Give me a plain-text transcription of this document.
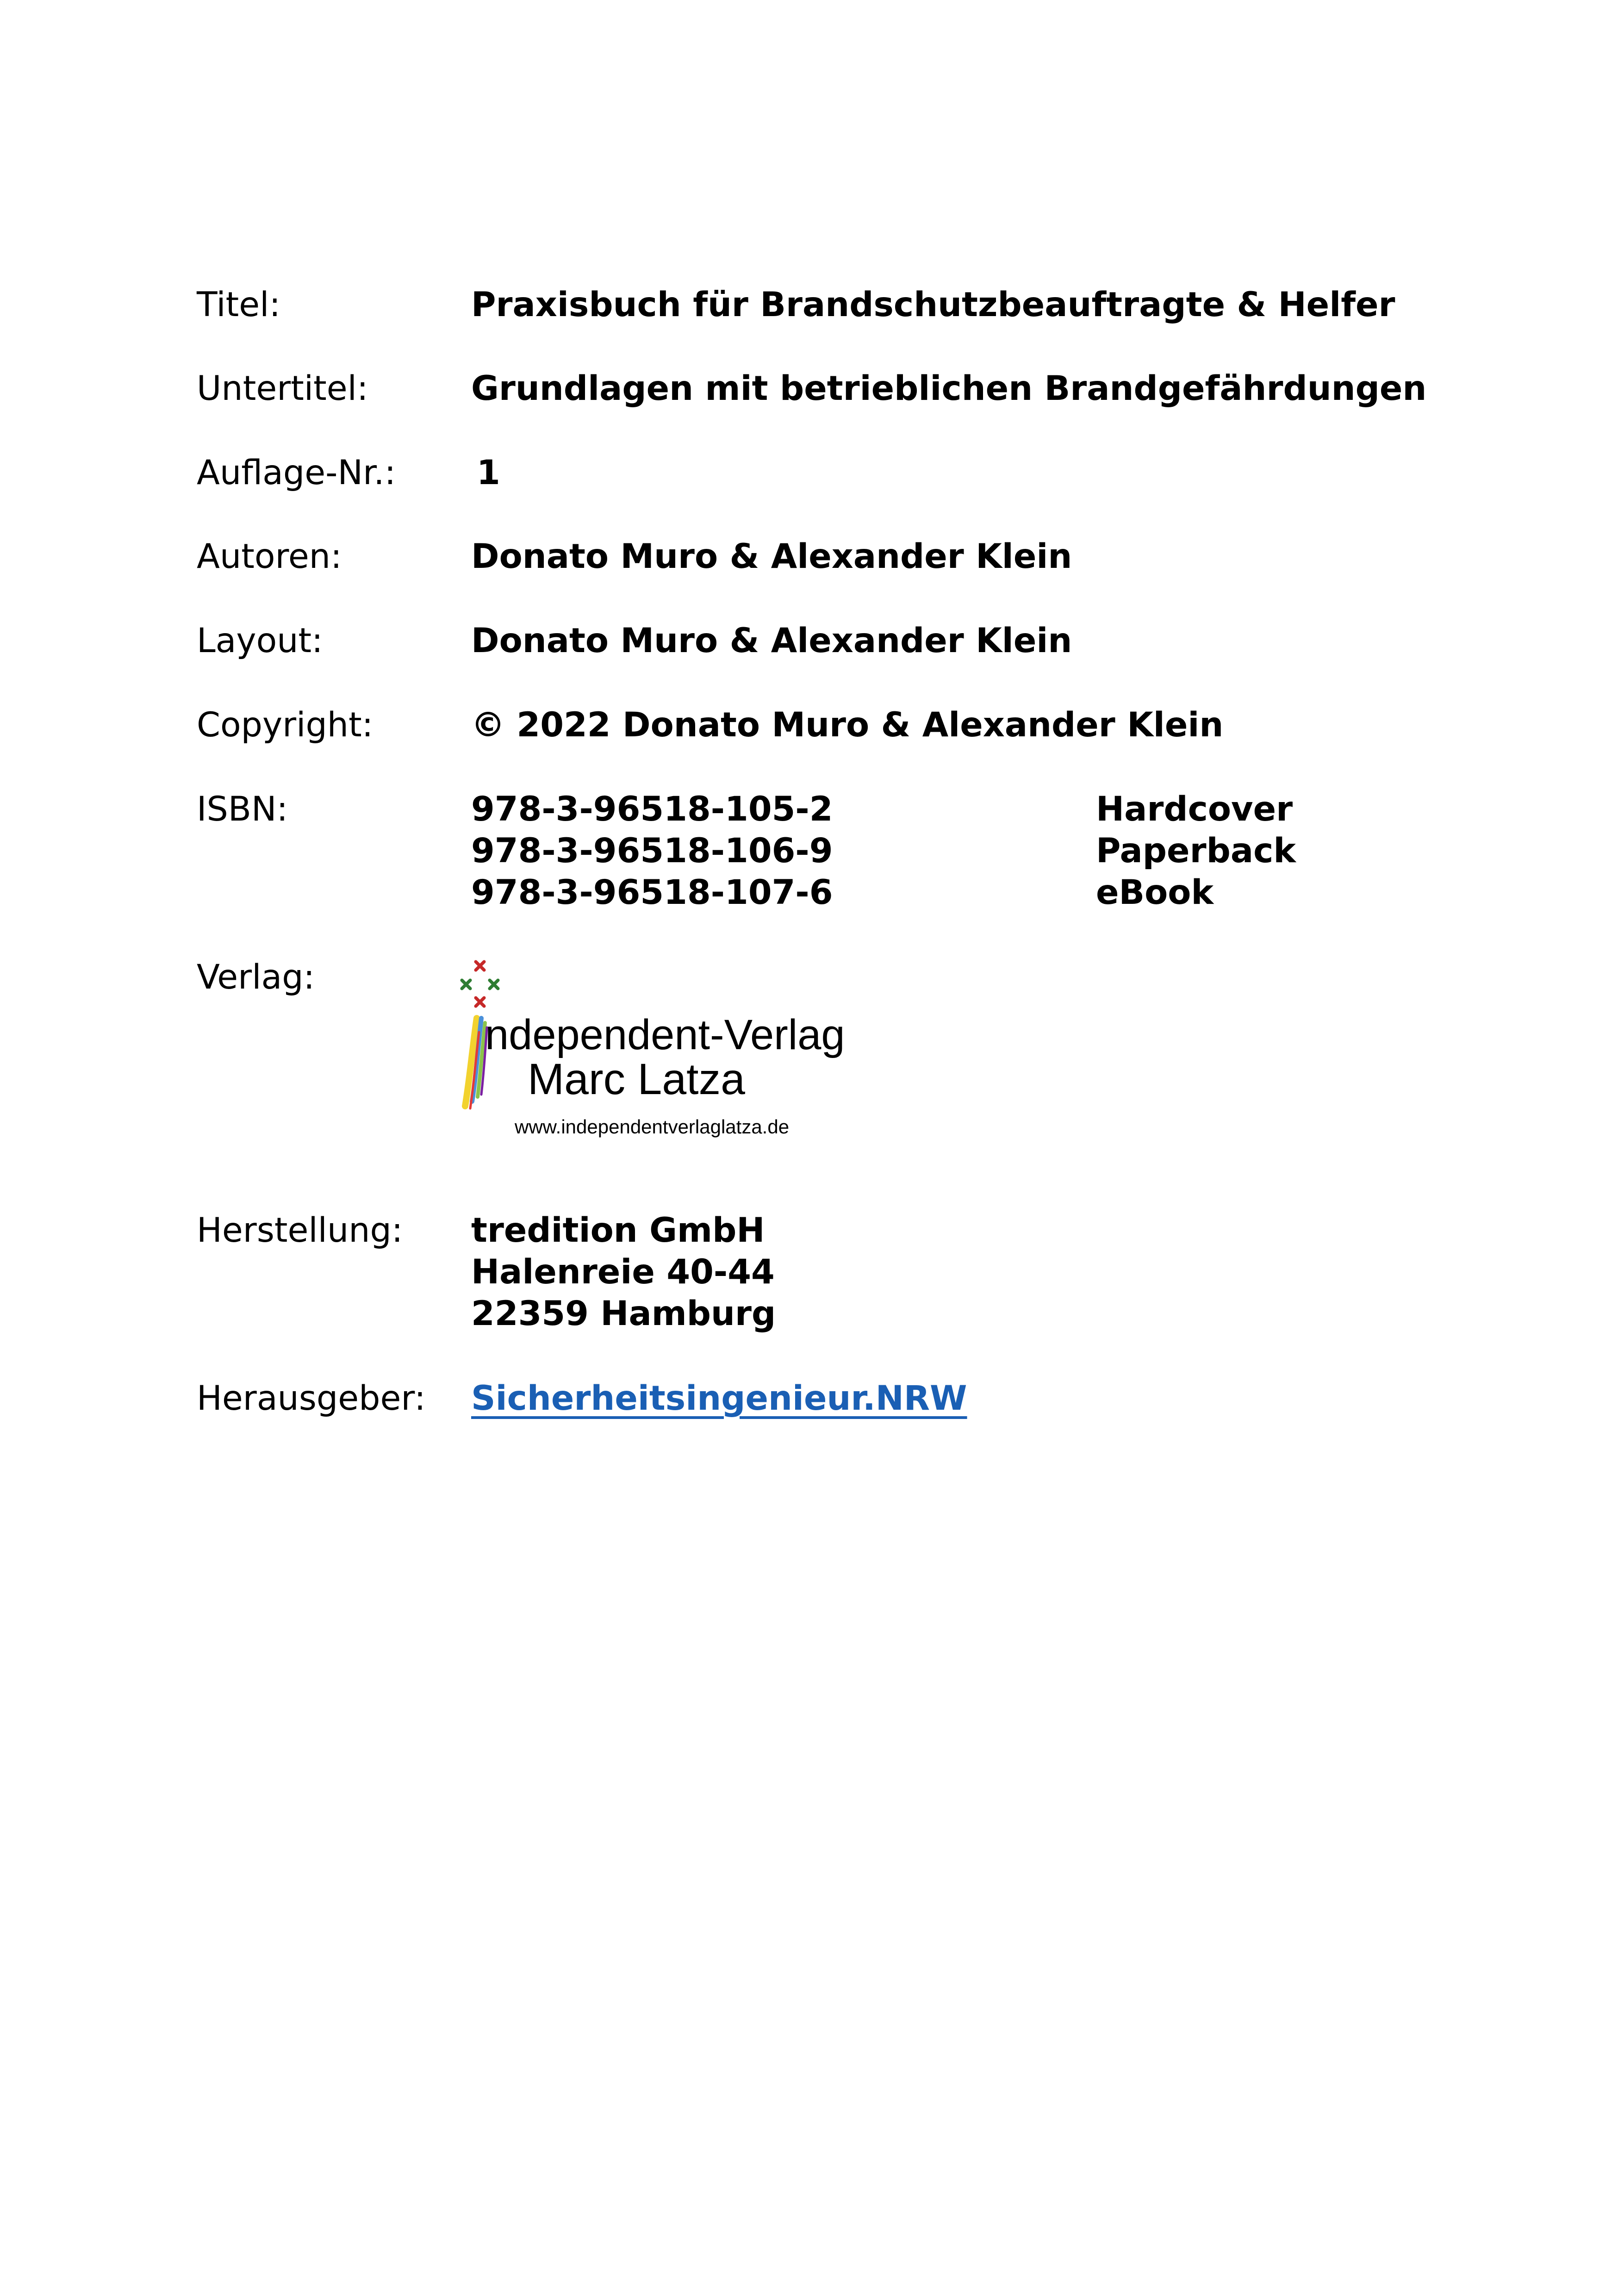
Titel:	Praxisbuch für Brandschutzbeauftragte & Helfer
Untertitel:	Grundlagen mit betrieblichen Brandgefährdungen
Auflage-Nr.: 1
Autoren:	Donato Muro & Alexander Klein
Layout:	Donato Muro & Alexander Klein
Copyright:	© 2022 Donato Muro & Alexander Klein
ISBN:	978-3-96518-105-2	Hardcover
978-3-96518-106-9	Paperback
978-3-96518-107-6	eBook
Verlag:
ndependent-Verlag
Marc Latza
www.independentverlaglatza.de
Herstellung: tredition GmbH
Halenreie 40-44
22359 Hamburg
Herausgeber: Sicherheitsingenieur.NRW
